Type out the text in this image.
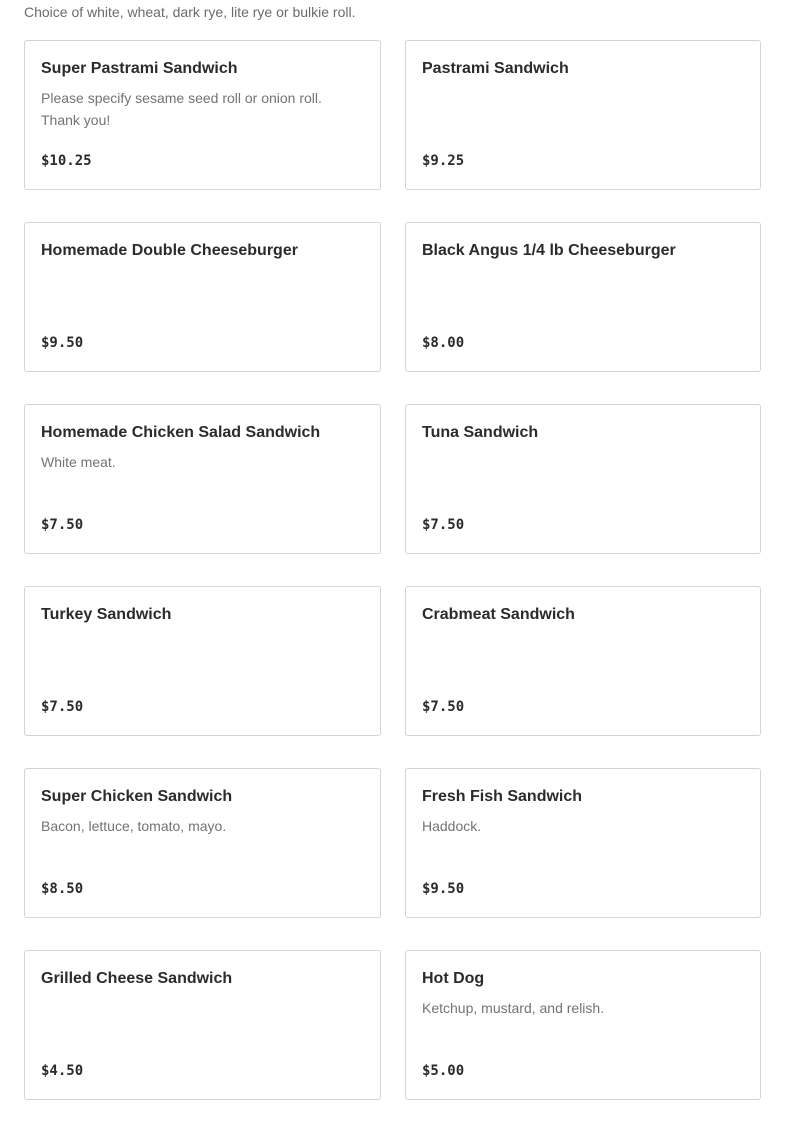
Choice of white, wheat, dark rye, lite rye or bulkie roll.
Super Pastrami Sandwich
Please specify sesame seed roll or onion roll. Thank you!
$10.25
Pastrami Sandwich
$9.25
Homemade Double Cheeseburger
$9.50
Black Angus 1/4 lb Cheeseburger
$8.00
Homemade Chicken Salad Sandwich
White meat.
$7.50
Tuna Sandwich
$7.50
Turkey Sandwich
$7.50
Crabmeat Sandwich
$7.50
Super Chicken Sandwich
Bacon, lettuce, tomato, mayo.
$8.50
Fresh Fish Sandwich
Haddock.
$9.50
Grilled Cheese Sandwich
$4.50
Hot Dog
Ketchup, mustard, and relish.
$5.00
